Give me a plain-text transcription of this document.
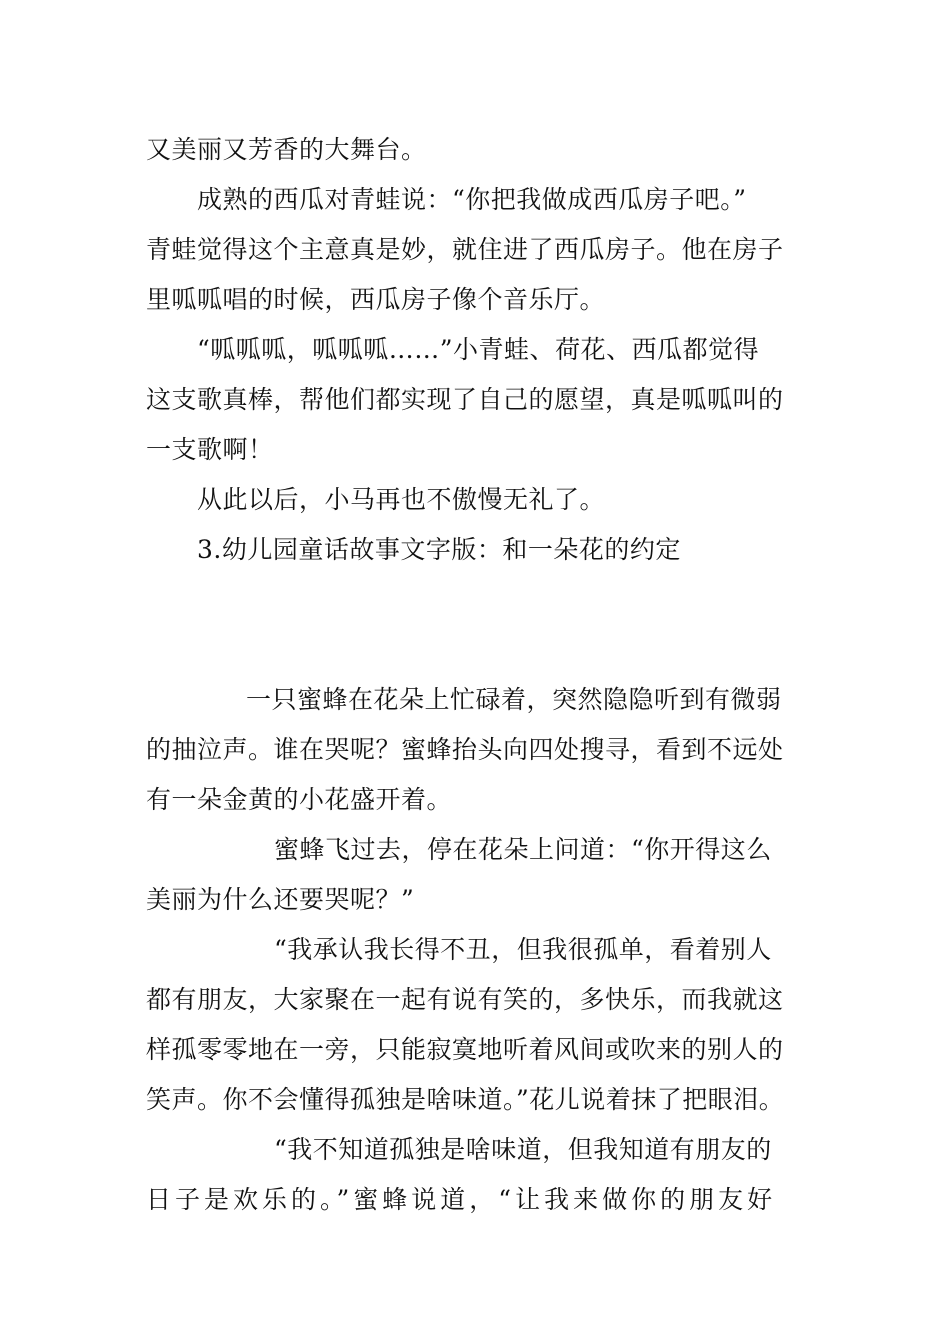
又美丽又芳香的大舞台。
成熟的西瓜对青蛙说：“你把我做成西瓜房子吧。”
青蛙觉得这个主意真是妙，就住进了西瓜房子。他在房子
里呱呱唱的时候，西瓜房子像个音乐厅。
“呱呱呱，呱呱呱……”小青蛙、荷花、西瓜都觉得
这支歌真棒，帮他们都实现了自己的愿望，真是呱呱叫的
一支歌啊！
从此以后，小马再也不傲慢无礼了。
3.幼儿园童话故事文字版：和一朵花的约定
一只蜜蜂在花朵上忙碌着，突然隐隐听到有微弱
的抽泣声。谁在哭呢？蜜蜂抬头向四处搜寻，看到不远处
有一朵金黄的小花盛开着。
蜜蜂飞过去，停在花朵上问道：“你开得这么
美丽为什么还要哭呢？”
“我承认我长得不丑，但我很孤单，看着别人
都有朋友，大家聚在一起有说有笑的，多快乐，而我就这
样孤零零地在一旁，只能寂寞地听着风间或吹来的别人的
笑声。你不会懂得孤独是啥味道。”花儿说着抹了把眼泪。
“我不知道孤独是啥味道，但我知道有朋友的
日子是欢乐的。”蜜蜂说道，“让我来做你的朋友好
